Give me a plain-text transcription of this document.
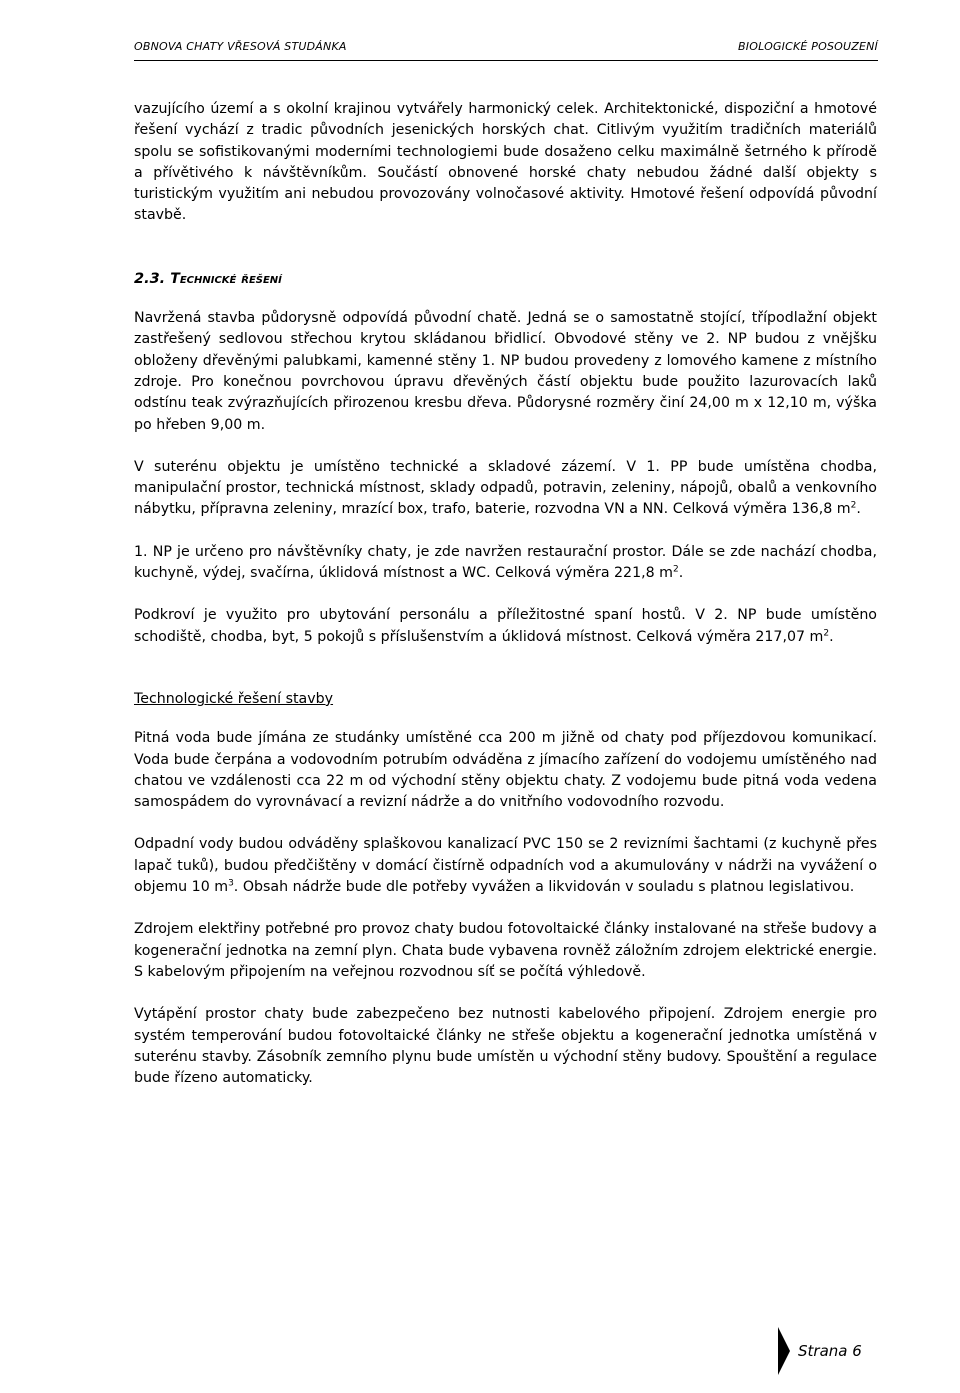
OBNOVA CHATY VŘESOVÁ STUDÁNKA	BIOLOGICKÉ POSOUZENÍ

vazujícího území a s okolní krajinou vytvářely harmonický celek. Architektonické, dispoziční a hmotové řešení vychází z tradic původních jesenických horských chat. Citlivým využitím tradičních materiálů spolu se sofistikovanými moderními technologiemi bude dosaženo celku maximálně šetrného k přírodě a přívětivého k návštěvníkům. Součástí obnovené horské chaty nebudou žádné další objekty s turistickým využitím ani nebudou provozovány volnočasové aktivity. Hmotové řešení odpovídá původní stavbě.

2.3. Technické řešení

Navržená stavba půdorysně odpovídá původní chatě. Jedná se o samostatně stojící, třípodlažní objekt zastřešený sedlovou střechou krytou skládanou břidlicí. Obvodové stěny ve 2. NP budou z vnějšku obloženy dřevěnými palubkami, kamenné stěny 1. NP budou provedeny z lomového kamene z místního zdroje. Pro konečnou povrchovou úpravu dřevěných částí objektu bude použito lazurovacích laků odstínu teak zvýrazňujících přirozenou kresbu dřeva. Půdorysné rozměry činí 24,00 m x 12,10 m, výška po hřeben 9,00 m.

V suterénu objektu je umístěno technické a skladové zázemí. V 1. PP bude umístěna chodba, manipulační prostor, technická místnost, sklady odpadů, potravin, zeleniny, nápojů, obalů a venkovního nábytku, přípravna zeleniny, mrazící box, trafo, baterie, rozvodna VN a NN. Celková výměra 136,8 $m^2$.

1. NP je určeno pro návštěvníky chaty, je zde navržen restaurační prostor. Dále se zde nachází chodba, kuchyně, výdej, svačírna, úklidová místnost a WC. Celková výměra 221,8 $m^2$.

Podkroví je využito pro ubytování personálu a příležitostné spaní hostů. V 2. NP bude umístěno schodiště, chodba, byt, 5 pokojů s příslušenstvím a úklidová místnost. Celková výměra 217,07 $m^2$.

Technologické řešení stavby

Pitná voda bude jímána ze studánky umístěné cca 200 m jižně od chaty pod příjezdovou komunikací. Voda bude čerpána a vodovodním potrubím odváděna z jímacího zařízení do vodojemu umístěného nad chatou ve vzdálenosti cca 22 m od východní stěny objektu chaty. Z vodojemu bude pitná voda vedena samospádem do vyrovnávací a revizní nádrže a do vnitřního vodovodního rozvodu.

Odpadní vody budou odváděny splaškovou kanalizací PVC 150 se 2 revizními šachtami (z kuchyně přes lapač tuků), budou předčištěny v domácí čistírně odpadních vod a akumulovány v nádrži na vyvážení o objemu 10 $m^3$. Obsah nádrže bude dle potřeby vyvážen a likvidován v souladu s platnou legislativou.

Zdrojem elektřiny potřebné pro provoz chaty budou fotovoltaické články instalované na střeše budovy a kogenerační jednotka na zemní plyn. Chata bude vybavena rovněž záložním zdrojem elektrické energie. S kabelovým připojením na veřejnou rozvodnou síť se počítá výhledově.

Vytápění prostor chaty bude zabezpečeno bez nutnosti kabelového připojení. Zdrojem energie pro systém temperování budou fotovoltaické články ne střeše objektu a kogenerační jednotka umístěná v suterénu stavby. Zásobník zemního plynu bude umístěn u východní stěny budovy. Spouštění a regulace bude řízeno automaticky.

Strana 6
